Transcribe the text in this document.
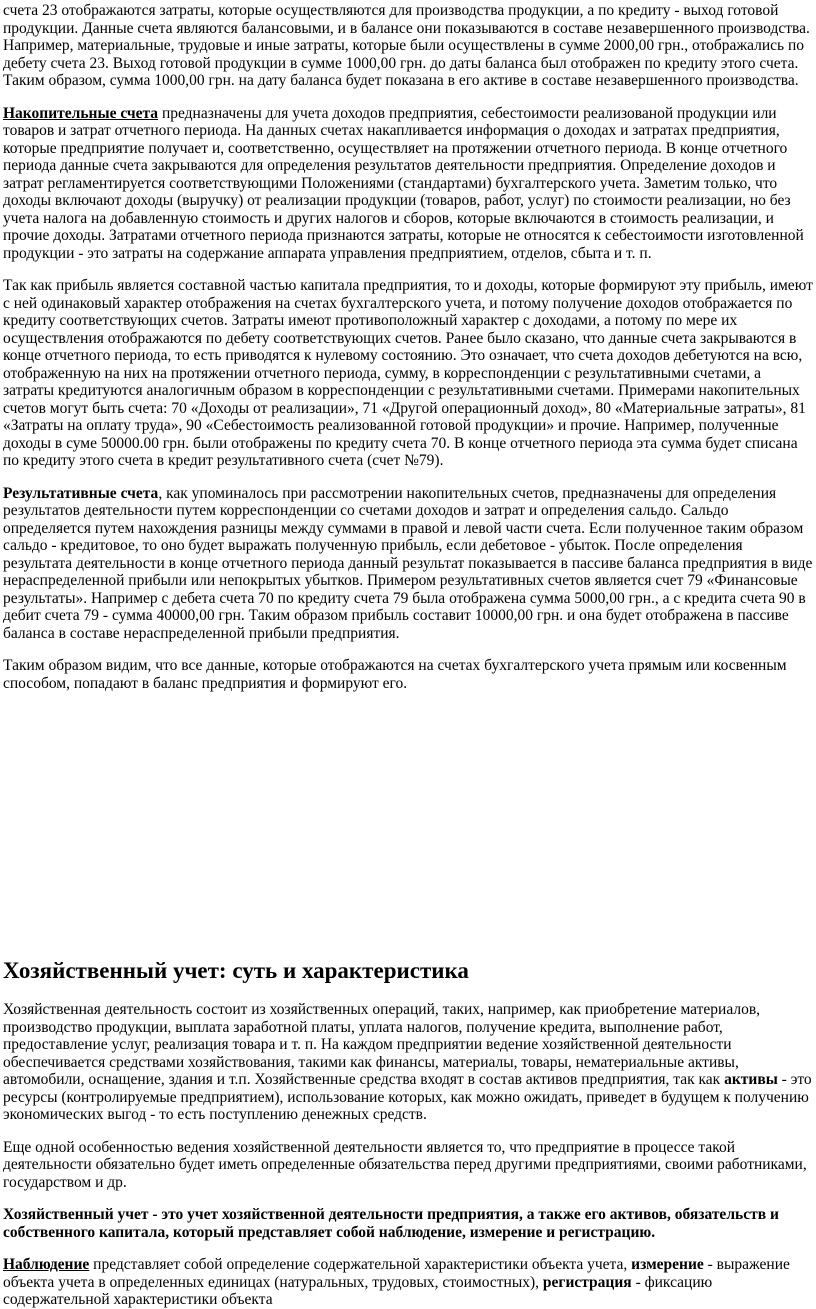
счета 23 отображаются затраты, которые осуществляются для производства продукции, а по кредиту - выход готовой продукции. Данные счета являются балансовыми, и в балансе они показываются в составе незавершенного производства. Например, материальные, трудовые и иные затраты, которые были осуществлены в сумме 2000,00 грн., отображались по дебету счета 23. Выход готовой продукции в сумме 1000,00 грн. до даты баланса был отображен по кредиту этого счета. Таким образом, сумма 1000,00 грн. на дату баланса будет показана в его активе в составе незавершенного производства.

Накопительные счета предназначены для учета доходов предприятия, себестоимости реализованой продукции или товаров и затрат отчетного периода. На данных счетах накапливается информация о доходах и затратах предприятия, которые предприятие получает и, соответственно, осуществляет на протяжении отчетного периода. В конце отчетного периода данные счета закрываются для определения результатов деятельности предприятия. Определение доходов и затрат регламентируется соответствующими Положениями (стандартами) бухгалтерского учета. Заметим только, что доходы включают доходы (выручку) от реализации продукции (товаров, работ, услуг) по стоимости реализации, но без учета налога на добавленную стоимость и других налогов и сборов, которые включаются в стоимость реализации, и прочие доходы. Затратами отчетного периода признаются затраты, которые не относятся к себестоимости изготовленной продукции - это затраты на содержание аппарата управления предприятием, отделов, сбыта и т. п.

Так как прибыль является составной частью капитала предприятия, то и доходы, которые формируют эту прибыль, имеют с ней одинаковый характер отображения на счетах бухгалтерского учета, и потому получение доходов отображается по кредиту соответствующих счетов. Затраты имеют противоположный характер с доходами, а потому по мере их осуществления отображаются по дебету соответствующих счетов. Ранее было сказано, что данные счета закрываются в конце отчетного периода, то есть приводятся к нулевому состоянию. Это означает, что счета доходов дебетуются на всю, отображенную на них на протяжении отчетного периода, сумму, в корреспонденции с результативными счетами, а затраты кредитуются аналогичным образом в корреспонденции с результативными счетами. Примерами накопительных счетов могут быть счета: 70 «Доходы от реализации», 71 «Другой операционный доход», 80 «Материальные затраты», 81 «Затраты на оплату труда», 90 «Себестоимость реализованной готовой продукции» и прочие. Например, полученные доходы в суме 50000.00 грн. были отображены по кредиту счета 70. В конце отчетного периода эта сумма будет списана по кредиту этого счета в кредит результативного счета (счет №79).

Результативные счета, как упоминалось при рассмотрении накопительных счетов, предназначены для определения результатов деятельности путем корреспонденции со счетами доходов и затрат и определения сальдо. Сальдо определяется путем нахождения разницы между суммами в правой и левой части счета. Если полученное таким образом сальдо - кредитовое, то оно будет выражать полученную прибыль, если дебетовое - убыток. После определения результата деятельности в конце отчетного периода данный результат показывается в пассиве баланса предприятия в виде нераспределенной прибыли или непокрытых убытков. Примером результативных счетов является счет 79 «Финансовые результаты». Например с дебета счета 70 по кредиту счета 79 была отображена сумма 5000,00 грн., а с кредита счета 90 в дебит счета 79 - сумма 40000,00 грн. Таким образом прибыль составит 10000,00 грн. и она будет отображена в пассиве баланса в составе нераспределенной прибыли предприятия.

Таким образом видим, что все данные, которые отображаются на счетах бухгалтерского учета прямым или косвенным способом, попадают в баланс предприятия и формируют его.

Хозяйственный учет: суть и характеристика

Хозяйственная деятельность состоит из хозяйственных операций, таких, например, как приобретение материалов, производство продукции, выплата заработной платы, уплата налогов, получение кредита, выполнение работ, предоставление услуг, реализация товара и т. п. На каждом предприятии ведение хозяйственной деятельности обеспечивается средствами хозяйствования, такими как финансы, материалы, товары, нематериальные активы, автомобили, оснащение, здания и т.п. Хозяйственные средства входят в состав активов предприятия, так как активы - это ресурсы (контролируемые предприятием), использование которых, как можно ожидать, приведет в будущем к получению экономических выгод - то есть поступлению денежных средств.

Еще одной особенностью ведения хозяйственной деятельности является то, что предприятие в процессе такой деятельности обязательно будет иметь определенные обязательства перед другими предприятиями, своими работниками, государством и др.

Хозяйственный учет - это учет хозяйственной деятельности предприятия, а также его активов, обязательств и собственного капитала, который представляет собой наблюдение, измерение и регистрацию.

Наблюдение представляет собой определение содержательной характеристики объекта учета, измерение - выражение объекта учета в определенных единицах (натуральных, трудовых, стоимостных), регистрация - фиксацию содержательной характеристики объекта
